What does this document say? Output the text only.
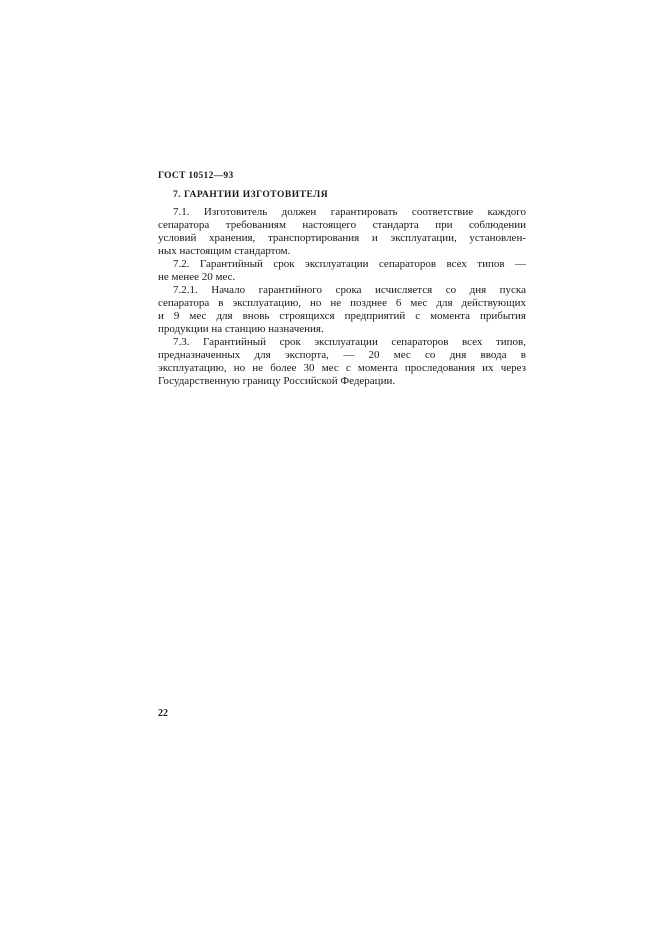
ГОСТ 10512—93
7. ГАРАНТИИ ИЗГОТОВИТЕЛЯ
7.1. Изготовитель должен гарантировать соответствие каждого
сепаратора требованиям настоящего стандарта при соблюдении
условий хранения, транспортирования и эксплуатации, установлен-
ных настоящим стандартом.
7.2. Гарантийный срок эксплуатации сепараторов всех типов —
не менее 20 мес.
7.2.1. Начало гарантийного срока исчисляется со дня пуска
сепаратора в эксплуатацию, но не позднее 6 мес для действующих
и 9 мес для вновь строящихся предприятий с момента прибытия
продукции на станцию назначения.
7.3. Гарантийный срок эксплуатации сепараторов всех типов,
предназначенных для экспорта, — 20 мес со дня ввода в
эксплуатацию, но не более 30 мес с момента проследования их через
Государственную границу Российской Федерации.
22
